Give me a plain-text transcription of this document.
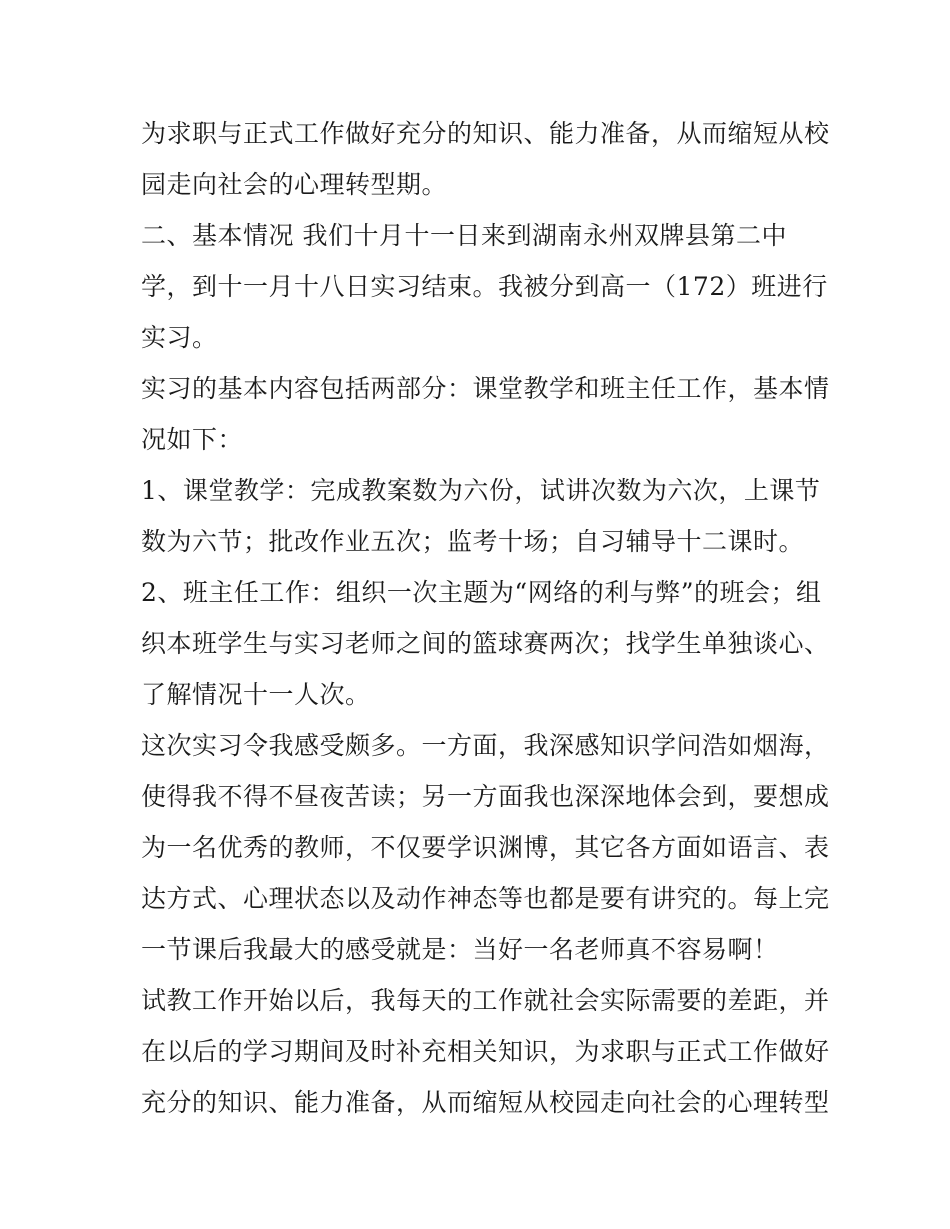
为求职与正式工作做好充分的知识、能力准备，从而缩短从校
园走向社会的心理转型期。
二、基本情况 我们十月十一日来到湖南永州双牌县第二中
学，到十一月十八日实习结束。我被分到高一（172）班进行
实习。
实习的基本内容包括两部分：课堂教学和班主任工作，基本情
况如下：
1、课堂教学：完成教案数为六份，试讲次数为六次，上课节
数为六节；批改作业五次；监考十场；自习辅导十二课时。
2、班主任工作：组织一次主题为“网络的利与弊”的班会；组
织本班学生与实习老师之间的篮球赛两次；找学生单独谈心、
了解情况十一人次。
这次实习令我感受颇多。一方面，我深感知识学问浩如烟海，
使得我不得不昼夜苦读；另一方面我也深深地体会到，要想成
为一名优秀的教师，不仅要学识渊博，其它各方面如语言、表
达方式、心理状态以及动作神态等也都是要有讲究的。每上完
一节课后我最大的感受就是：当好一名老师真不容易啊！
试教工作开始以后，我每天的工作就社会实际需要的差距，并
在以后的学习期间及时补充相关知识，为求职与正式工作做好
充分的知识、能力准备，从而缩短从校园走向社会的心理转型
